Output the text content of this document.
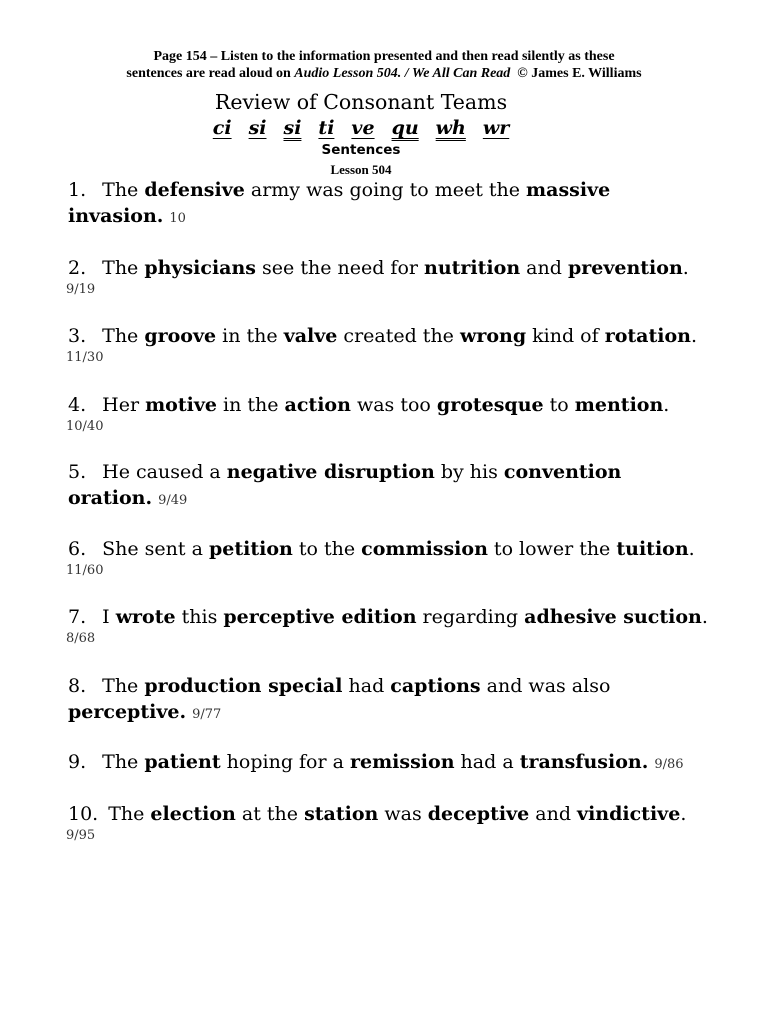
Page 154 – Listen to the information presented and then read silently as these
sentences are read aloud on Audio Lesson 504. / We All Can Read  © James E. Williams
Review of Consonant Teams
ci si si ti ve qu wh wr
Sentences
Lesson 504
1. The defensive army was going to meet the massive
invasion. 10
2. The physicians see the need for nutrition and prevention.
9/19
3. The groove in the valve created the wrong kind of rotation.
11/30
4. Her motive in the action was too grotesque to mention.
10/40
5. He caused a negative disruption by his convention
oration. 9/49
6. She sent a petition to the commission to lower the tuition.
11/60
7. I wrote this perceptive edition regarding adhesive suction.
8/68
8. The production special had captions and was also
perceptive. 9/77
9. The patient hoping for a remission had a transfusion. 9/86
10. The election at the station was deceptive and vindictive.
9/95
